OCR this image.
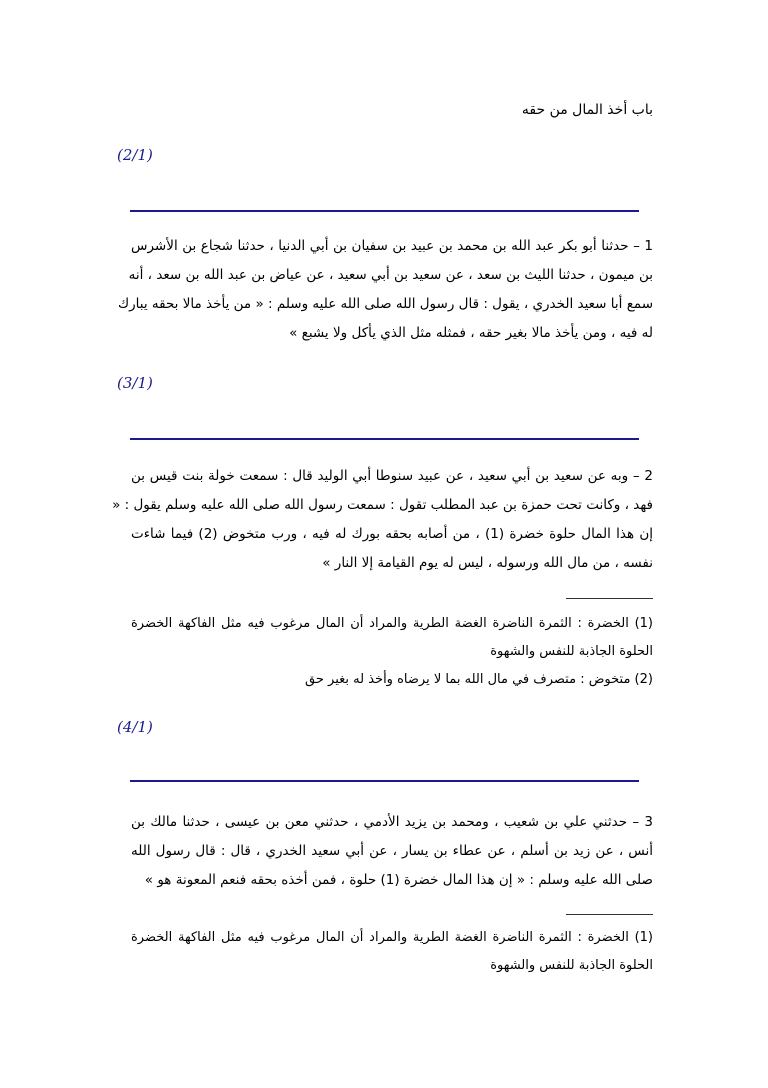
باب أخذ المال من حقه
(2/1)
1 – حدثنا أبو بكر عبد الله بن محمد بن عبيد بن سفيان بن أبي الدنيا ، حدثنا شجاع بن الأشرس
بن ميمون ، حدثنا الليث بن سعد ، عن سعيد بن أبي سعيد ، عن عياض بن عبد الله بن سعد ، أنه
سمع أبا سعيد الخدري ، يقول : قال رسول الله صلى الله عليه وسلم : « من يأخذ مالا بحقه يبارك
له فيه ، ومن يأخذ مالا بغير حقه ، فمثله مثل الذي يأكل ولا يشبع »
(3/1)
2 – وبه عن سعيد بن أبي سعيد ، عن عبيد سنوطا أبي الوليد قال : سمعت خولة بنت قيس بن
فهد ، وكانت تحت حمزة بن عبد المطلب تقول : سمعت رسول الله صلى الله عليه وسلم يقول : «
إن هذا المال حلوة خضرة (1) ، من أصابه بحقه بورك له فيه ، ورب متخوض (2) فيما شاءت
نفسه ، من مال الله ورسوله ، ليس له يوم القيامة إلا النار »
(1) الخضرة : الثمرة الناضرة الغضة الطرية والمراد أن المال مرغوب فيه مثل الفاكهة الخضرة
الحلوة الجاذبة للنفس والشهوة
(2) متخوض : متصرف في مال الله بما لا يرضاه وأخذ له بغير حق
(4/1)
3 – حدثني علي بن شعيب ، ومحمد بن يزيد الأدمي ، حدثني معن بن عيسى ، حدثنا مالك بن
أنس ، عن زيد بن أسلم ، عن عطاء بن يسار ، عن أبي سعيد الخدري ، قال : قال رسول الله
صلى الله عليه وسلم : « إن هذا المال خضرة (1) حلوة ، فمن أخذه بحقه فنعم المعونة هو »
(1) الخضرة : الثمرة الناضرة الغضة الطرية والمراد أن المال مرغوب فيه مثل الفاكهة الخضرة
الحلوة الجاذبة للنفس والشهوة
